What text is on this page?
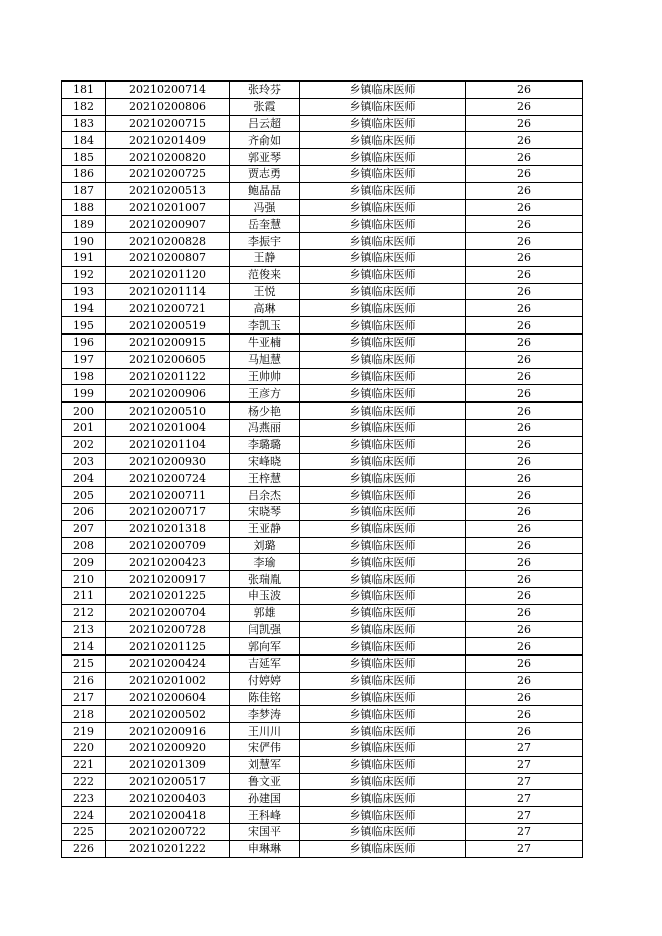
181	20210200714	张玲芬	乡镇临床医师	26
182	20210200806	张霞	乡镇临床医师	26
183	20210200715	吕云超	乡镇临床医师	26
184	20210201409	齐俞如	乡镇临床医师	26
185	20210200820	郭亚琴	乡镇临床医师	26
186	20210200725	贾志勇	乡镇临床医师	26
187	20210200513	鲍晶晶	乡镇临床医师	26
188	20210201007	冯强	乡镇临床医师	26
189	20210200907	岳奎慧	乡镇临床医师	26
190	20210200828	李振宇	乡镇临床医师	26
191	20210200807	王静	乡镇临床医师	26
192	20210201120	范俊来	乡镇临床医师	26
193	20210201114	王悦	乡镇临床医师	26
194	20210200721	高琳	乡镇临床医师	26
195	20210200519	李凯玉	乡镇临床医师	26
196	20210200915	牛亚楠	乡镇临床医师	26
197	20210200605	马旭慧	乡镇临床医师	26
198	20210201122	王帅帅	乡镇临床医师	26
199	20210200906	王彦方	乡镇临床医师	26
200	20210200510	杨少艳	乡镇临床医师	26
201	20210201004	冯燕丽	乡镇临床医师	26
202	20210201104	李璐璐	乡镇临床医师	26
203	20210200930	宋峰晓	乡镇临床医师	26
204	20210200724	王梓慧	乡镇临床医师	26
205	20210200711	吕余杰	乡镇临床医师	26
206	20210200717	宋晓琴	乡镇临床医师	26
207	20210201318	王亚静	乡镇临床医师	26
208	20210200709	刘璐	乡镇临床医师	26
209	20210200423	李瑜	乡镇临床医师	26
210	20210200917	张瑞胤	乡镇临床医师	26
211	20210201225	申玉波	乡镇临床医师	26
212	20210200704	郭雄	乡镇临床医师	26
213	20210200728	闫凯强	乡镇临床医师	26
214	20210201125	郭向军	乡镇临床医师	26
215	20210200424	吉延军	乡镇临床医师	26
216	20210201002	付婷婷	乡镇临床医师	26
217	20210200604	陈佳铭	乡镇临床医师	26
218	20210200502	李梦涛	乡镇临床医师	26
219	20210200916	王川川	乡镇临床医师	26
220	20210200920	宋俨伟	乡镇临床医师	27
221	20210201309	刘慧军	乡镇临床医师	27
222	20210200517	鲁文亚	乡镇临床医师	27
223	20210200403	孙建国	乡镇临床医师	27
224	20210200418	王科峰	乡镇临床医师	27
225	20210200722	宋国平	乡镇临床医师	27
226	20210201222	申琳琳	乡镇临床医师	27
